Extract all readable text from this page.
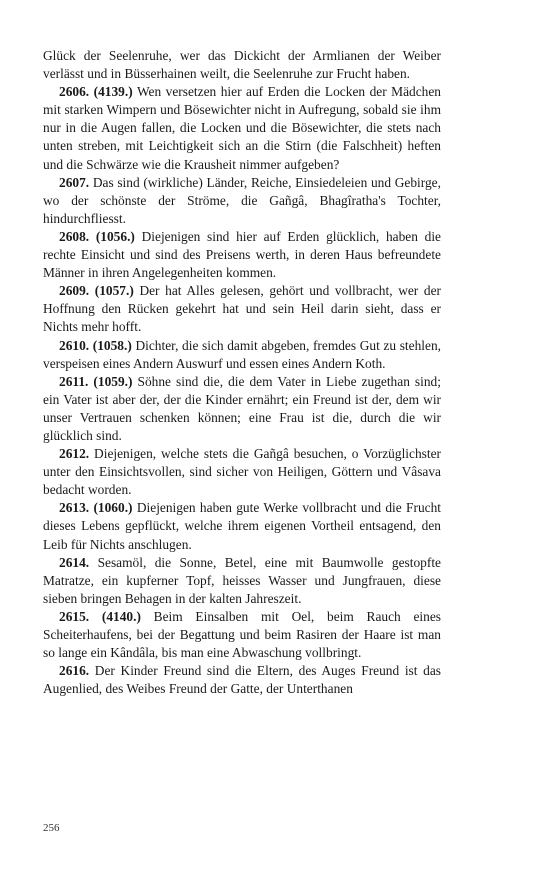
Glück der Seelenruhe, wer das Dickicht der Armlianen der Weiber verlässt und in Büsserhainen weilt, die Seelenruhe zur Frucht haben.

2606. (4139.) Wen versetzen hier auf Erden die Locken der Mädchen mit starken Wimpern und Bösewichter nicht in Aufregung, sobald sie ihm nur in die Augen fallen, die Locken und die Bösewichter, die stets nach unten streben, mit Leichtigkeit sich an die Stirn (die Falschheit) heften und die Schwärze wie die Krausheit nimmer aufgeben?

2607. Das sind (wirkliche) Länder, Reiche, Einsiedeleien und Gebirge, wo der schönste der Ströme, die Gañgâ, Bhagîratha's Tochter, hindurchfliesst.

2608. (1056.) Diejenigen sind hier auf Erden glücklich, haben die rechte Einsicht und sind des Preisens werth, in deren Haus befreundete Männer in ihren Angelegenheiten kommen.

2609. (1057.) Der hat Alles gelesen, gehört und vollbracht, wer der Hoffnung den Rücken gekehrt hat und sein Heil darin sieht, dass er Nichts mehr hofft.

2610. (1058.) Dichter, die sich damit abgeben, fremdes Gut zu stehlen, verspeisen eines Andern Auswurf und essen eines Andern Koth.

2611. (1059.) Söhne sind die, die dem Vater in Liebe zugethan sind; ein Vater ist aber der, der die Kinder ernährt; ein Freund ist der, dem wir unser Vertrauen schenken können; eine Frau ist die, durch die wir glücklich sind.

2612. Diejenigen, welche stets die Gañgâ besuchen, o Vorzüglichster unter den Einsichtsvollen, sind sicher von Heiligen, Göttern und Vâsava bedacht worden.

2613. (1060.) Diejenigen haben gute Werke vollbracht und die Frucht dieses Lebens gepflückt, welche ihrem eigenen Vortheil entsagend, den Leib für Nichts anschlugen.

2614. Sesamöl, die Sonne, Betel, eine mit Baumwolle gestopfte Matratze, ein kupferner Topf, heisses Wasser und Jungfrauen, diese sieben bringen Behagen in der kalten Jahreszeit.

2615. (4140.) Beim Einsalben mit Oel, beim Rauch eines Scheiterhaufens, bei der Begattung und beim Rasiren der Haare ist man so lange ein Kândâla, bis man eine Abwaschung vollbringt.

2616. Der Kinder Freund sind die Eltern, des Auges Freund ist das Augenlied, des Weibes Freund der Gatte, der Unterthanen

256
